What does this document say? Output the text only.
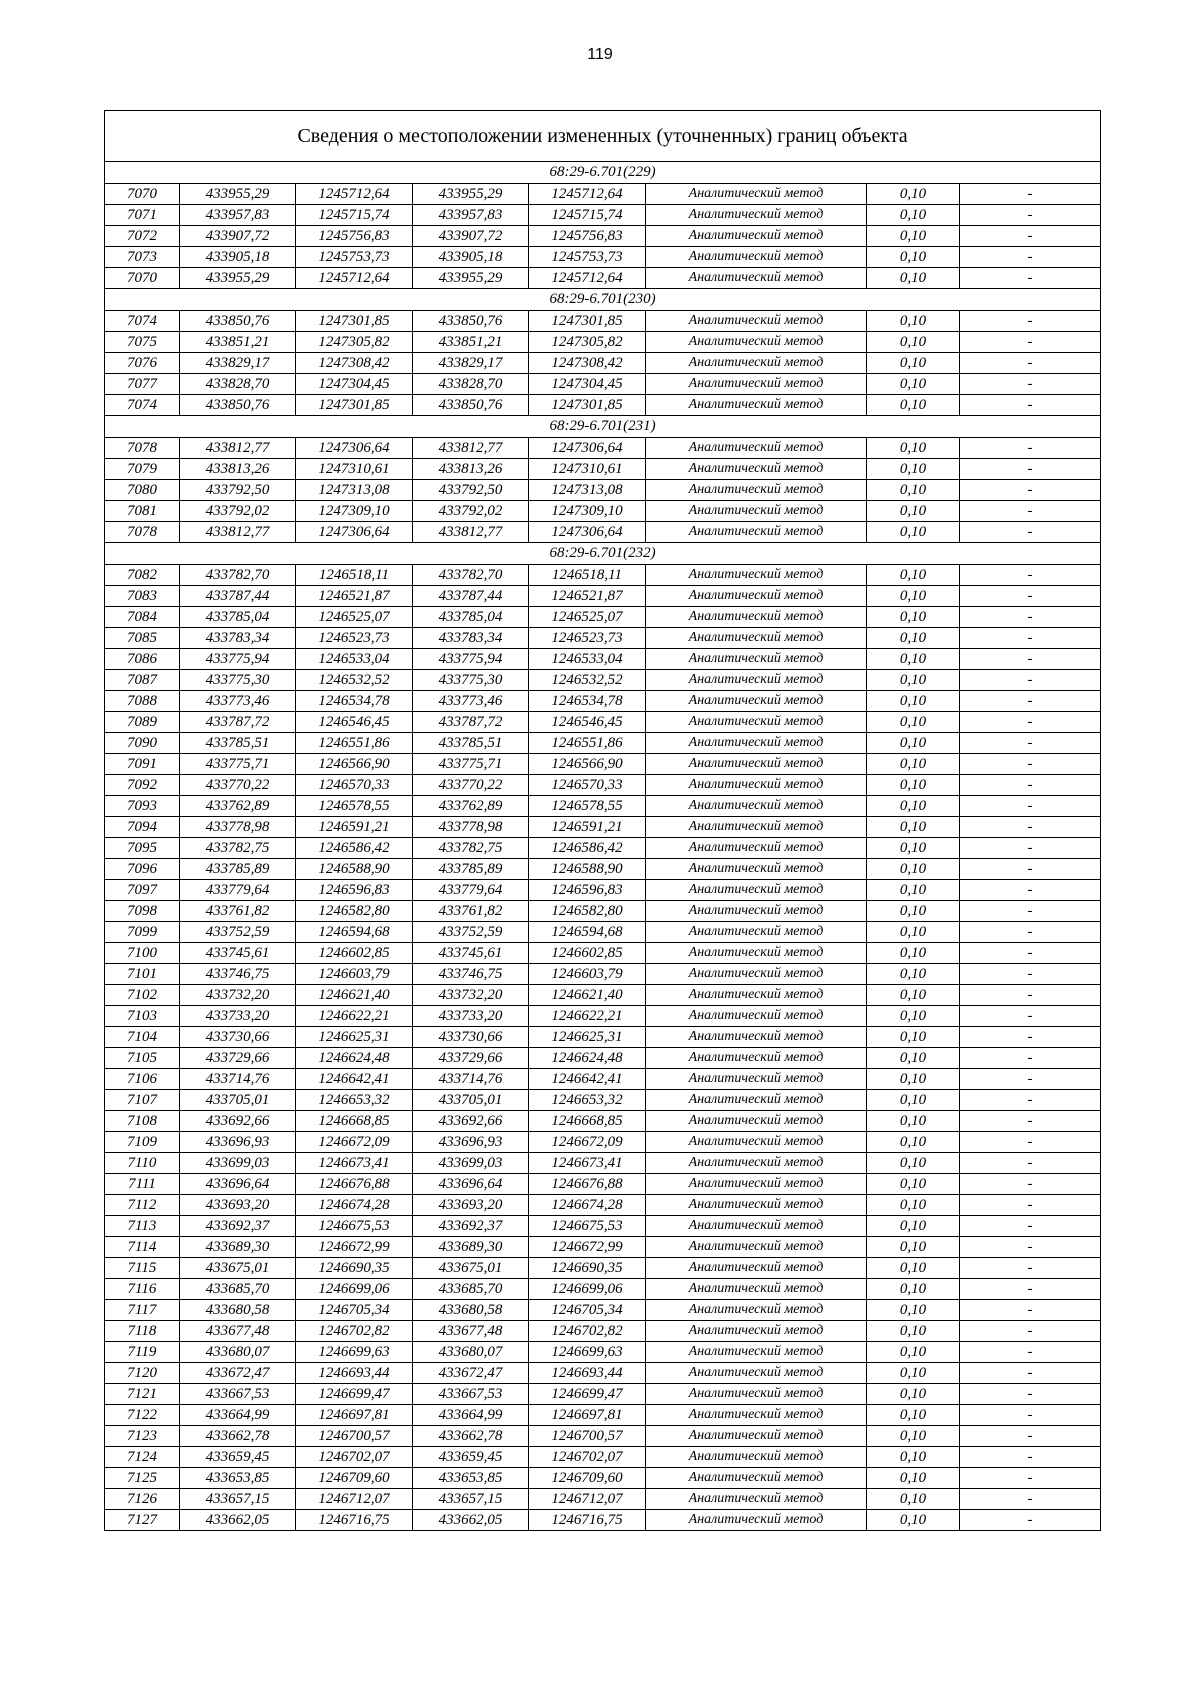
119
Сведения о местоположении измененных (уточненных) границ объекта							
68:29-6.701(229)							
7070	433955,29	1245712,64	433955,29	1245712,64	Аналитический метод	0,10	-
7071	433957,83	1245715,74	433957,83	1245715,74	Аналитический метод	0,10	-
7072	433907,72	1245756,83	433907,72	1245756,83	Аналитический метод	0,10	-
7073	433905,18	1245753,73	433905,18	1245753,73	Аналитический метод	0,10	-
7070	433955,29	1245712,64	433955,29	1245712,64	Аналитический метод	0,10	-
68:29-6.701(230)							
7074	433850,76	1247301,85	433850,76	1247301,85	Аналитический метод	0,10	-
7075	433851,21	1247305,82	433851,21	1247305,82	Аналитический метод	0,10	-
7076	433829,17	1247308,42	433829,17	1247308,42	Аналитический метод	0,10	-
7077	433828,70	1247304,45	433828,70	1247304,45	Аналитический метод	0,10	-
7074	433850,76	1247301,85	433850,76	1247301,85	Аналитический метод	0,10	-
68:29-6.701(231)							
7078	433812,77	1247306,64	433812,77	1247306,64	Аналитический метод	0,10	-
7079	433813,26	1247310,61	433813,26	1247310,61	Аналитический метод	0,10	-
7080	433792,50	1247313,08	433792,50	1247313,08	Аналитический метод	0,10	-
7081	433792,02	1247309,10	433792,02	1247309,10	Аналитический метод	0,10	-
7078	433812,77	1247306,64	433812,77	1247306,64	Аналитический метод	0,10	-
68:29-6.701(232)							
7082	433782,70	1246518,11	433782,70	1246518,11	Аналитический метод	0,10	-
7083	433787,44	1246521,87	433787,44	1246521,87	Аналитический метод	0,10	-
7084	433785,04	1246525,07	433785,04	1246525,07	Аналитический метод	0,10	-
7085	433783,34	1246523,73	433783,34	1246523,73	Аналитический метод	0,10	-
7086	433775,94	1246533,04	433775,94	1246533,04	Аналитический метод	0,10	-
7087	433775,30	1246532,52	433775,30	1246532,52	Аналитический метод	0,10	-
7088	433773,46	1246534,78	433773,46	1246534,78	Аналитический метод	0,10	-
7089	433787,72	1246546,45	433787,72	1246546,45	Аналитический метод	0,10	-
7090	433785,51	1246551,86	433785,51	1246551,86	Аналитический метод	0,10	-
7091	433775,71	1246566,90	433775,71	1246566,90	Аналитический метод	0,10	-
7092	433770,22	1246570,33	433770,22	1246570,33	Аналитический метод	0,10	-
7093	433762,89	1246578,55	433762,89	1246578,55	Аналитический метод	0,10	-
7094	433778,98	1246591,21	433778,98	1246591,21	Аналитический метод	0,10	-
7095	433782,75	1246586,42	433782,75	1246586,42	Аналитический метод	0,10	-
7096	433785,89	1246588,90	433785,89	1246588,90	Аналитический метод	0,10	-
7097	433779,64	1246596,83	433779,64	1246596,83	Аналитический метод	0,10	-
7098	433761,82	1246582,80	433761,82	1246582,80	Аналитический метод	0,10	-
7099	433752,59	1246594,68	433752,59	1246594,68	Аналитический метод	0,10	-
7100	433745,61	1246602,85	433745,61	1246602,85	Аналитический метод	0,10	-
7101	433746,75	1246603,79	433746,75	1246603,79	Аналитический метод	0,10	-
7102	433732,20	1246621,40	433732,20	1246621,40	Аналитический метод	0,10	-
7103	433733,20	1246622,21	433733,20	1246622,21	Аналитический метод	0,10	-
7104	433730,66	1246625,31	433730,66	1246625,31	Аналитический метод	0,10	-
7105	433729,66	1246624,48	433729,66	1246624,48	Аналитический метод	0,10	-
7106	433714,76	1246642,41	433714,76	1246642,41	Аналитический метод	0,10	-
7107	433705,01	1246653,32	433705,01	1246653,32	Аналитический метод	0,10	-
7108	433692,66	1246668,85	433692,66	1246668,85	Аналитический метод	0,10	-
7109	433696,93	1246672,09	433696,93	1246672,09	Аналитический метод	0,10	-
7110	433699,03	1246673,41	433699,03	1246673,41	Аналитический метод	0,10	-
7111	433696,64	1246676,88	433696,64	1246676,88	Аналитический метод	0,10	-
7112	433693,20	1246674,28	433693,20	1246674,28	Аналитический метод	0,10	-
7113	433692,37	1246675,53	433692,37	1246675,53	Аналитический метод	0,10	-
7114	433689,30	1246672,99	433689,30	1246672,99	Аналитический метод	0,10	-
7115	433675,01	1246690,35	433675,01	1246690,35	Аналитический метод	0,10	-
7116	433685,70	1246699,06	433685,70	1246699,06	Аналитический метод	0,10	-
7117	433680,58	1246705,34	433680,58	1246705,34	Аналитический метод	0,10	-
7118	433677,48	1246702,82	433677,48	1246702,82	Аналитический метод	0,10	-
7119	433680,07	1246699,63	433680,07	1246699,63	Аналитический метод	0,10	-
7120	433672,47	1246693,44	433672,47	1246693,44	Аналитический метод	0,10	-
7121	433667,53	1246699,47	433667,53	1246699,47	Аналитический метод	0,10	-
7122	433664,99	1246697,81	433664,99	1246697,81	Аналитический метод	0,10	-
7123	433662,78	1246700,57	433662,78	1246700,57	Аналитический метод	0,10	-
7124	433659,45	1246702,07	433659,45	1246702,07	Аналитический метод	0,10	-
7125	433653,85	1246709,60	433653,85	1246709,60	Аналитический метод	0,10	-
7126	433657,15	1246712,07	433657,15	1246712,07	Аналитический метод	0,10	-
7127	433662,05	1246716,75	433662,05	1246716,75	Аналитический метод	0,10	-
